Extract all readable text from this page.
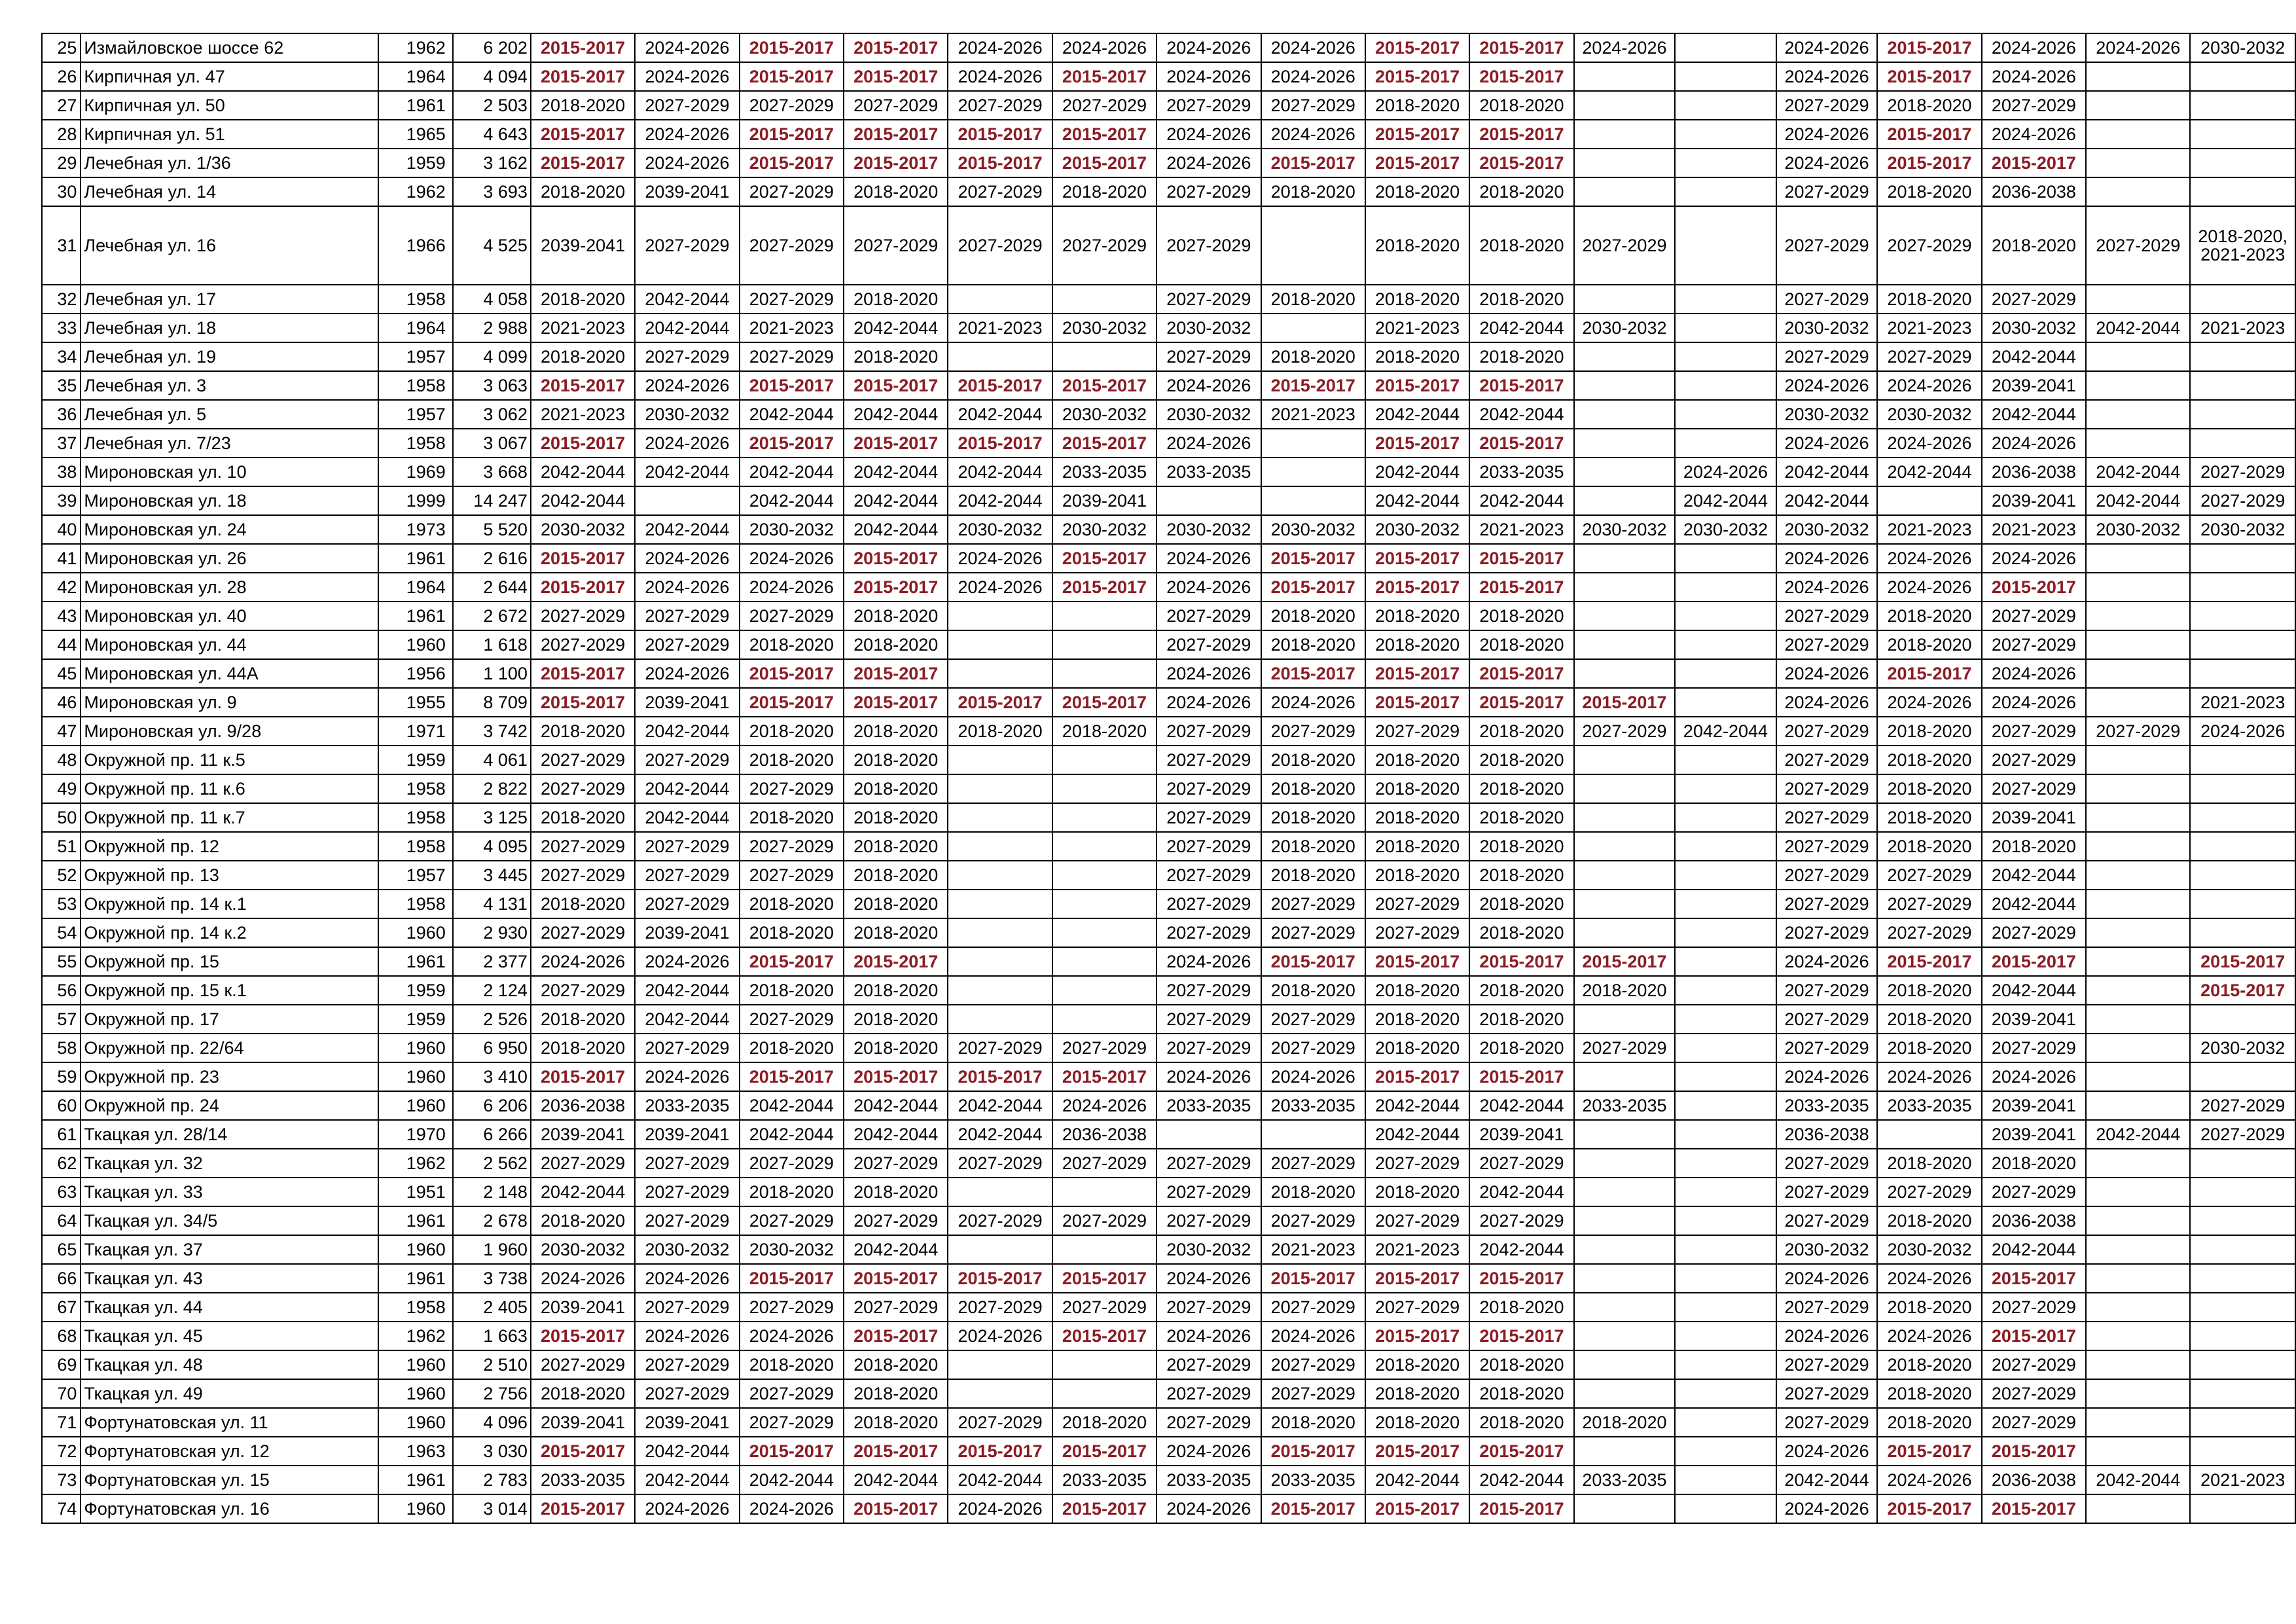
25	Измайловское шоссе 62	1962	6 202	2015-2017	2024-2026	2015-2017	2015-2017	2024-2026	2024-2026	2024-2026	2024-2026	2015-2017	2015-2017	2024-2026		2024-2026	2015-2017	2024-2026	2024-2026	2030-2032
26	Кирпичная ул. 47	1964	4 094	2015-2017	2024-2026	2015-2017	2015-2017	2024-2026	2015-2017	2024-2026	2024-2026	2015-2017	2015-2017			2024-2026	2015-2017	2024-2026		
27	Кирпичная ул. 50	1961	2 503	2018-2020	2027-2029	2027-2029	2027-2029	2027-2029	2027-2029	2027-2029	2027-2029	2018-2020	2018-2020			2027-2029	2018-2020	2027-2029		
28	Кирпичная ул. 51	1965	4 643	2015-2017	2024-2026	2015-2017	2015-2017	2015-2017	2015-2017	2024-2026	2024-2026	2015-2017	2015-2017			2024-2026	2015-2017	2024-2026		
29	Лечебная ул. 1/36	1959	3 162	2015-2017	2024-2026	2015-2017	2015-2017	2015-2017	2015-2017	2024-2026	2015-2017	2015-2017	2015-2017			2024-2026	2015-2017	2015-2017		
30	Лечебная ул. 14	1962	3 693	2018-2020	2039-2041	2027-2029	2018-2020	2027-2029	2018-2020	2027-2029	2018-2020	2018-2020	2018-2020			2027-2029	2018-2020	2036-2038		
31	Лечебная ул. 16	1966	4 525	2039-2041	2027-2029	2027-2029	2027-2029	2027-2029	2027-2029	2027-2029		2018-2020	2018-2020	2027-2029		2027-2029	2027-2029	2018-2020	2027-2029	2018-2020, 2021-2023
32	Лечебная ул. 17	1958	4 058	2018-2020	2042-2044	2027-2029	2018-2020			2027-2029	2018-2020	2018-2020	2018-2020			2027-2029	2018-2020	2027-2029		
33	Лечебная ул. 18	1964	2 988	2021-2023	2042-2044	2021-2023	2042-2044	2021-2023	2030-2032	2030-2032		2021-2023	2042-2044	2030-2032		2030-2032	2021-2023	2030-2032	2042-2044	2021-2023
34	Лечебная ул. 19	1957	4 099	2018-2020	2027-2029	2027-2029	2018-2020			2027-2029	2018-2020	2018-2020	2018-2020			2027-2029	2027-2029	2042-2044		
35	Лечебная ул. 3	1958	3 063	2015-2017	2024-2026	2015-2017	2015-2017	2015-2017	2015-2017	2024-2026	2015-2017	2015-2017	2015-2017			2024-2026	2024-2026	2039-2041		
36	Лечебная ул. 5	1957	3 062	2021-2023	2030-2032	2042-2044	2042-2044	2042-2044	2030-2032	2030-2032	2021-2023	2042-2044	2042-2044			2030-2032	2030-2032	2042-2044		
37	Лечебная ул. 7/23	1958	3 067	2015-2017	2024-2026	2015-2017	2015-2017	2015-2017	2015-2017	2024-2026		2015-2017	2015-2017			2024-2026	2024-2026	2024-2026		
38	Мироновская ул. 10	1969	3 668	2042-2044	2042-2044	2042-2044	2042-2044	2042-2044	2033-2035	2033-2035		2042-2044	2033-2035		2024-2026	2042-2044	2042-2044	2036-2038	2042-2044	2027-2029
39	Мироновская ул. 18	1999	14 247	2042-2044		2042-2044	2042-2044	2042-2044	2039-2041			2042-2044	2042-2044		2042-2044	2042-2044		2039-2041	2042-2044	2027-2029
40	Мироновская ул. 24	1973	5 520	2030-2032	2042-2044	2030-2032	2042-2044	2030-2032	2030-2032	2030-2032	2030-2032	2030-2032	2021-2023	2030-2032	2030-2032	2030-2032	2021-2023	2021-2023	2030-2032	2030-2032
41	Мироновская ул. 26	1961	2 616	2015-2017	2024-2026	2024-2026	2015-2017	2024-2026	2015-2017	2024-2026	2015-2017	2015-2017	2015-2017			2024-2026	2024-2026	2024-2026		
42	Мироновская ул. 28	1964	2 644	2015-2017	2024-2026	2024-2026	2015-2017	2024-2026	2015-2017	2024-2026	2015-2017	2015-2017	2015-2017			2024-2026	2024-2026	2015-2017		
43	Мироновская ул. 40	1961	2 672	2027-2029	2027-2029	2027-2029	2018-2020			2027-2029	2018-2020	2018-2020	2018-2020			2027-2029	2018-2020	2027-2029		
44	Мироновская ул. 44	1960	1 618	2027-2029	2027-2029	2018-2020	2018-2020			2027-2029	2018-2020	2018-2020	2018-2020			2027-2029	2018-2020	2027-2029		
45	Мироновская ул. 44А	1956	1 100	2015-2017	2024-2026	2015-2017	2015-2017			2024-2026	2015-2017	2015-2017	2015-2017			2024-2026	2015-2017	2024-2026		
46	Мироновская ул. 9	1955	8 709	2015-2017	2039-2041	2015-2017	2015-2017	2015-2017	2015-2017	2024-2026	2024-2026	2015-2017	2015-2017	2015-2017		2024-2026	2024-2026	2024-2026		2021-2023
47	Мироновская ул. 9/28	1971	3 742	2018-2020	2042-2044	2018-2020	2018-2020	2018-2020	2018-2020	2027-2029	2027-2029	2027-2029	2018-2020	2027-2029	2042-2044	2027-2029	2018-2020	2027-2029	2027-2029	2024-2026
48	Окружной пр. 11 к.5	1959	4 061	2027-2029	2027-2029	2018-2020	2018-2020			2027-2029	2018-2020	2018-2020	2018-2020			2027-2029	2018-2020	2027-2029		
49	Окружной пр. 11 к.6	1958	2 822	2027-2029	2042-2044	2027-2029	2018-2020			2027-2029	2018-2020	2018-2020	2018-2020			2027-2029	2018-2020	2027-2029		
50	Окружной пр. 11 к.7	1958	3 125	2018-2020	2042-2044	2018-2020	2018-2020			2027-2029	2018-2020	2018-2020	2018-2020			2027-2029	2018-2020	2039-2041		
51	Окружной пр. 12	1958	4 095	2027-2029	2027-2029	2027-2029	2018-2020			2027-2029	2018-2020	2018-2020	2018-2020			2027-2029	2018-2020	2018-2020		
52	Окружной пр. 13	1957	3 445	2027-2029	2027-2029	2027-2029	2018-2020			2027-2029	2018-2020	2018-2020	2018-2020			2027-2029	2027-2029	2042-2044		
53	Окружной пр. 14 к.1	1958	4 131	2018-2020	2027-2029	2018-2020	2018-2020			2027-2029	2027-2029	2027-2029	2018-2020			2027-2029	2027-2029	2042-2044		
54	Окружной пр. 14 к.2	1960	2 930	2027-2029	2039-2041	2018-2020	2018-2020			2027-2029	2027-2029	2027-2029	2018-2020			2027-2029	2027-2029	2027-2029		
55	Окружной пр. 15	1961	2 377	2024-2026	2024-2026	2015-2017	2015-2017			2024-2026	2015-2017	2015-2017	2015-2017	2015-2017		2024-2026	2015-2017	2015-2017		2015-2017
56	Окружной пр. 15 к.1	1959	2 124	2027-2029	2042-2044	2018-2020	2018-2020			2027-2029	2018-2020	2018-2020	2018-2020	2018-2020		2027-2029	2018-2020	2042-2044		2015-2017
57	Окружной пр. 17	1959	2 526	2018-2020	2042-2044	2027-2029	2018-2020			2027-2029	2027-2029	2018-2020	2018-2020			2027-2029	2018-2020	2039-2041		
58	Окружной пр. 22/64	1960	6 950	2018-2020	2027-2029	2018-2020	2018-2020	2027-2029	2027-2029	2027-2029	2027-2029	2018-2020	2018-2020	2027-2029		2027-2029	2018-2020	2027-2029		2030-2032
59	Окружной пр. 23	1960	3 410	2015-2017	2024-2026	2015-2017	2015-2017	2015-2017	2015-2017	2024-2026	2024-2026	2015-2017	2015-2017			2024-2026	2024-2026	2024-2026		
60	Окружной пр. 24	1960	6 206	2036-2038	2033-2035	2042-2044	2042-2044	2042-2044	2024-2026	2033-2035	2033-2035	2042-2044	2042-2044	2033-2035		2033-2035	2033-2035	2039-2041		2027-2029
61	Ткацкая ул. 28/14	1970	6 266	2039-2041	2039-2041	2042-2044	2042-2044	2042-2044	2036-2038			2042-2044	2039-2041			2036-2038		2039-2041	2042-2044	2027-2029
62	Ткацкая ул. 32	1962	2 562	2027-2029	2027-2029	2027-2029	2027-2029	2027-2029	2027-2029	2027-2029	2027-2029	2027-2029	2027-2029			2027-2029	2018-2020	2018-2020		
63	Ткацкая ул. 33	1951	2 148	2042-2044	2027-2029	2018-2020	2018-2020			2027-2029	2018-2020	2018-2020	2042-2044			2027-2029	2027-2029	2027-2029		
64	Ткацкая ул. 34/5	1961	2 678	2018-2020	2027-2029	2027-2029	2027-2029	2027-2029	2027-2029	2027-2029	2027-2029	2027-2029	2027-2029			2027-2029	2018-2020	2036-2038		
65	Ткацкая ул. 37	1960	1 960	2030-2032	2030-2032	2030-2032	2042-2044			2030-2032	2021-2023	2021-2023	2042-2044			2030-2032	2030-2032	2042-2044		
66	Ткацкая ул. 43	1961	3 738	2024-2026	2024-2026	2015-2017	2015-2017	2015-2017	2015-2017	2024-2026	2015-2017	2015-2017	2015-2017			2024-2026	2024-2026	2015-2017		
67	Ткацкая ул. 44	1958	2 405	2039-2041	2027-2029	2027-2029	2027-2029	2027-2029	2027-2029	2027-2029	2027-2029	2027-2029	2018-2020			2027-2029	2018-2020	2027-2029		
68	Ткацкая ул. 45	1962	1 663	2015-2017	2024-2026	2024-2026	2015-2017	2024-2026	2015-2017	2024-2026	2024-2026	2015-2017	2015-2017			2024-2026	2024-2026	2015-2017		
69	Ткацкая ул. 48	1960	2 510	2027-2029	2027-2029	2018-2020	2018-2020			2027-2029	2027-2029	2018-2020	2018-2020			2027-2029	2018-2020	2027-2029		
70	Ткацкая ул. 49	1960	2 756	2018-2020	2027-2029	2027-2029	2018-2020			2027-2029	2027-2029	2018-2020	2018-2020			2027-2029	2018-2020	2027-2029		
71	Фортунатовская ул. 11	1960	4 096	2039-2041	2039-2041	2027-2029	2018-2020	2027-2029	2018-2020	2027-2029	2018-2020	2018-2020	2018-2020	2018-2020		2027-2029	2018-2020	2027-2029		
72	Фортунатовская ул. 12	1963	3 030	2015-2017	2042-2044	2015-2017	2015-2017	2015-2017	2015-2017	2024-2026	2015-2017	2015-2017	2015-2017			2024-2026	2015-2017	2015-2017		
73	Фортунатовская ул. 15	1961	2 783	2033-2035	2042-2044	2042-2044	2042-2044	2042-2044	2033-2035	2033-2035	2033-2035	2042-2044	2042-2044	2033-2035		2042-2044	2024-2026	2036-2038	2042-2044	2021-2023
74	Фортунатовская ул. 16	1960	3 014	2015-2017	2024-2026	2024-2026	2015-2017	2024-2026	2015-2017	2024-2026	2015-2017	2015-2017	2015-2017			2024-2026	2015-2017	2015-2017		
